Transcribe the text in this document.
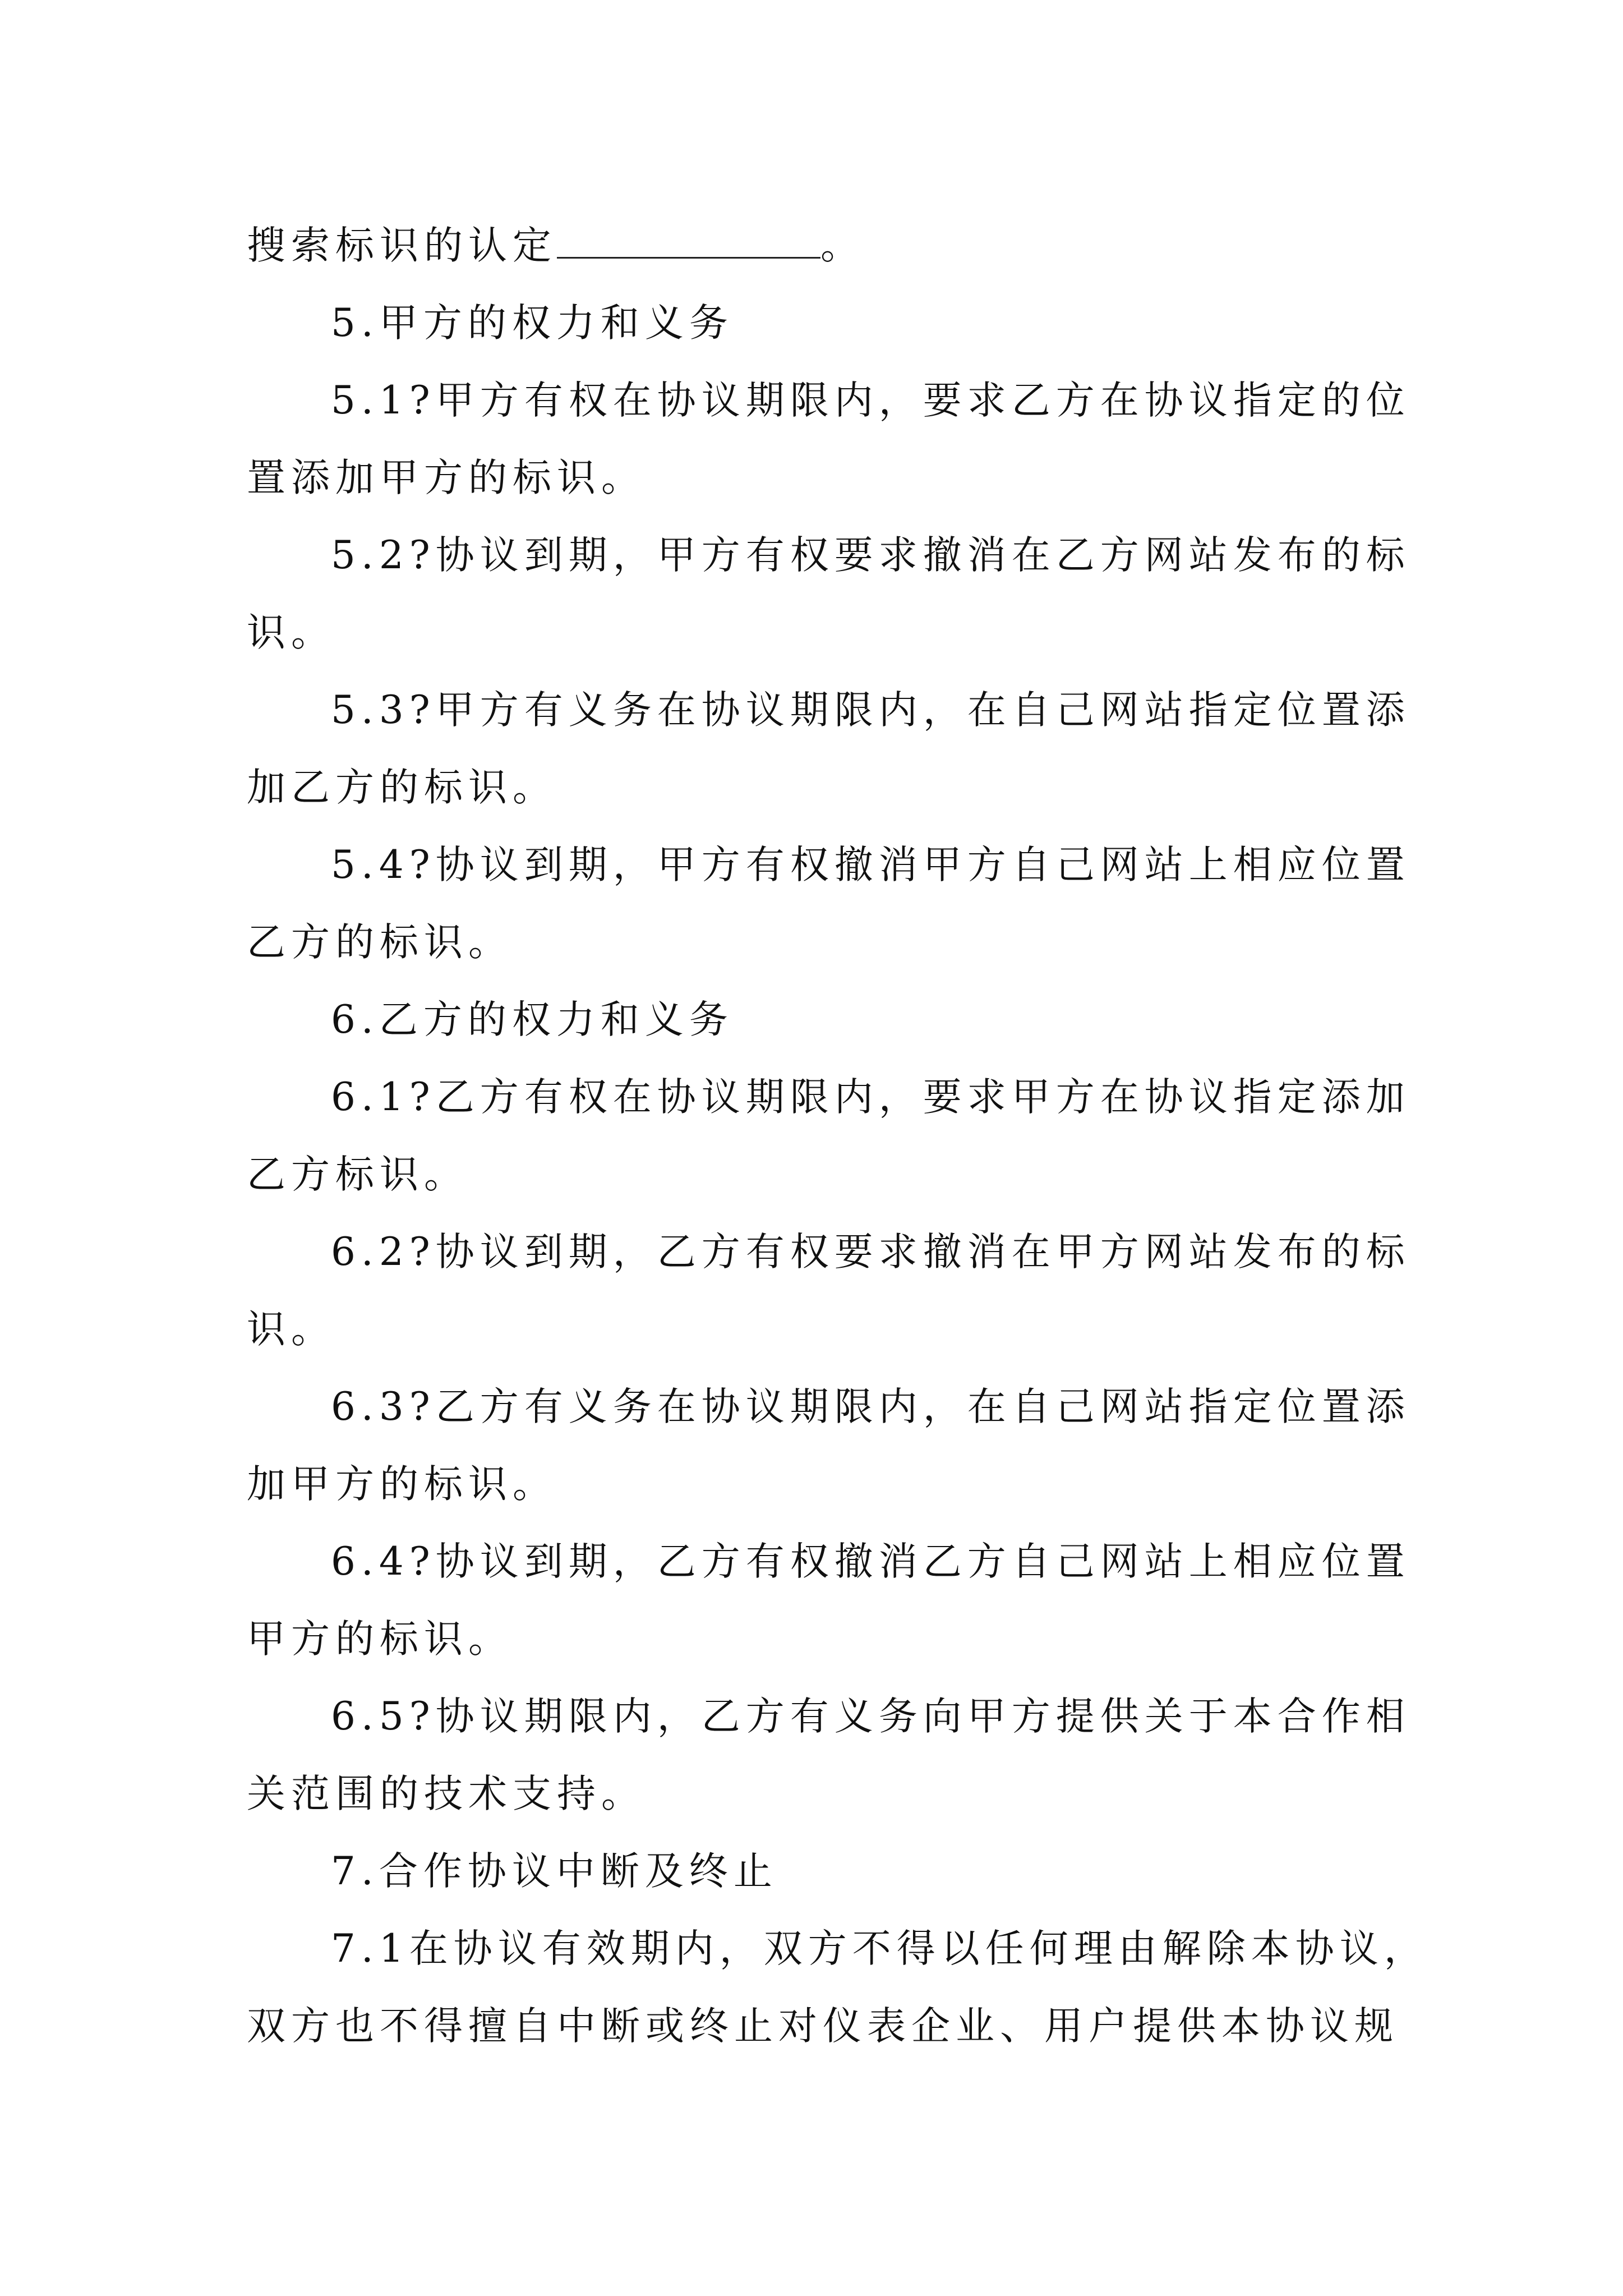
搜索标识的认定	。

5.甲方的权力和义务

5.1?甲方有权在协议期限内，要求乙方在协议指定的位

置添加甲方的标识。

5.2?协议到期，甲方有权要求撤消在乙方网站发布的标

识。

5.3?甲方有义务在协议期限内，在自己网站指定位置添

加乙方的标识。

5.4?协议到期，甲方有权撤消甲方自己网站上相应位置

乙方的标识。

6.乙方的权力和义务

6.1?乙方有权在协议期限内，要求甲方在协议指定添加

乙方标识。

6.2?协议到期，乙方有权要求撤消在甲方网站发布的标

识。

6.3?乙方有义务在协议期限内，在自己网站指定位置添

加甲方的标识。

6.4?协议到期，乙方有权撤消乙方自己网站上相应位置

甲方的标识。

6.5?协议期限内，乙方有义务向甲方提供关于本合作相

关范围的技术支持。

7.合作协议中断及终止

7.1在协议有效期内，双方不得以任何理由解除本协议，

双方也不得擅自中断或终止对仪表企业、用户提供本协议规
